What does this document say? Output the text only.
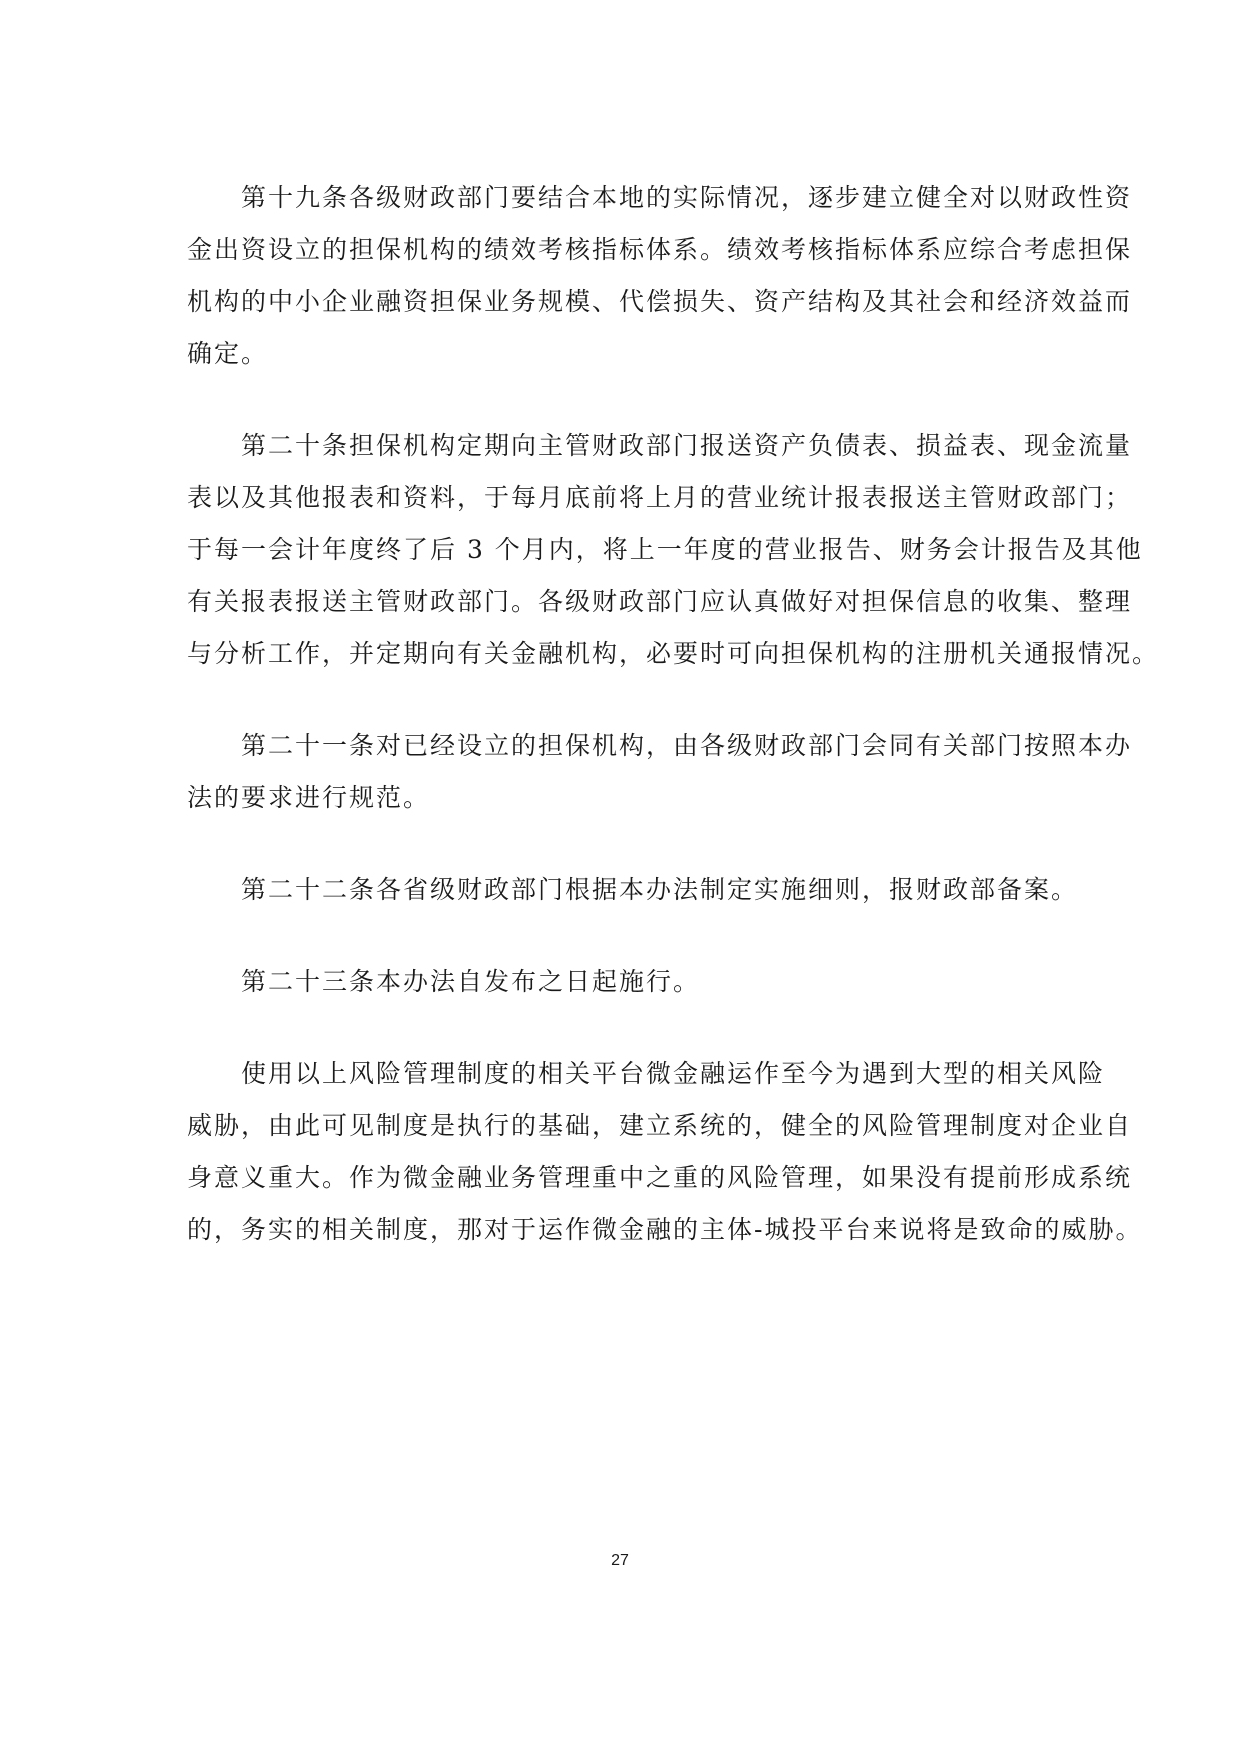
第十九条各级财政部门要结合本地的实际情况，逐步建立健全对以财政性资
金出资设立的担保机构的绩效考核指标体系。绩效考核指标体系应综合考虑担保
机构的中小企业融资担保业务规模、代偿损失、资产结构及其社会和经济效益而
确定。

第二十条担保机构定期向主管财政部门报送资产负债表、损益表、现金流量
表以及其他报表和资料，于每月底前将上月的营业统计报表报送主管财政部门；
于每一会计年度终了后 3 个月内，将上一年度的营业报告、财务会计报告及其他
有关报表报送主管财政部门。各级财政部门应认真做好对担保信息的收集、整理
与分析工作，并定期向有关金融机构，必要时可向担保机构的注册机关通报情况。

第二十一条对已经设立的担保机构，由各级财政部门会同有关部门按照本办
法的要求进行规范。

第二十二条各省级财政部门根据本办法制定实施细则，报财政部备案。

第二十三条本办法自发布之日起施行。

使用以上风险管理制度的相关平台微金融运作至今为遇到大型的相关风险
威胁，由此可见制度是执行的基础，建立系统的，健全的风险管理制度对企业自
身意义重大。作为微金融业务管理重中之重的风险管理，如果没有提前形成系统
的，务实的相关制度，那对于运作微金融的主体-城投平台来说将是致命的威胁。

27
